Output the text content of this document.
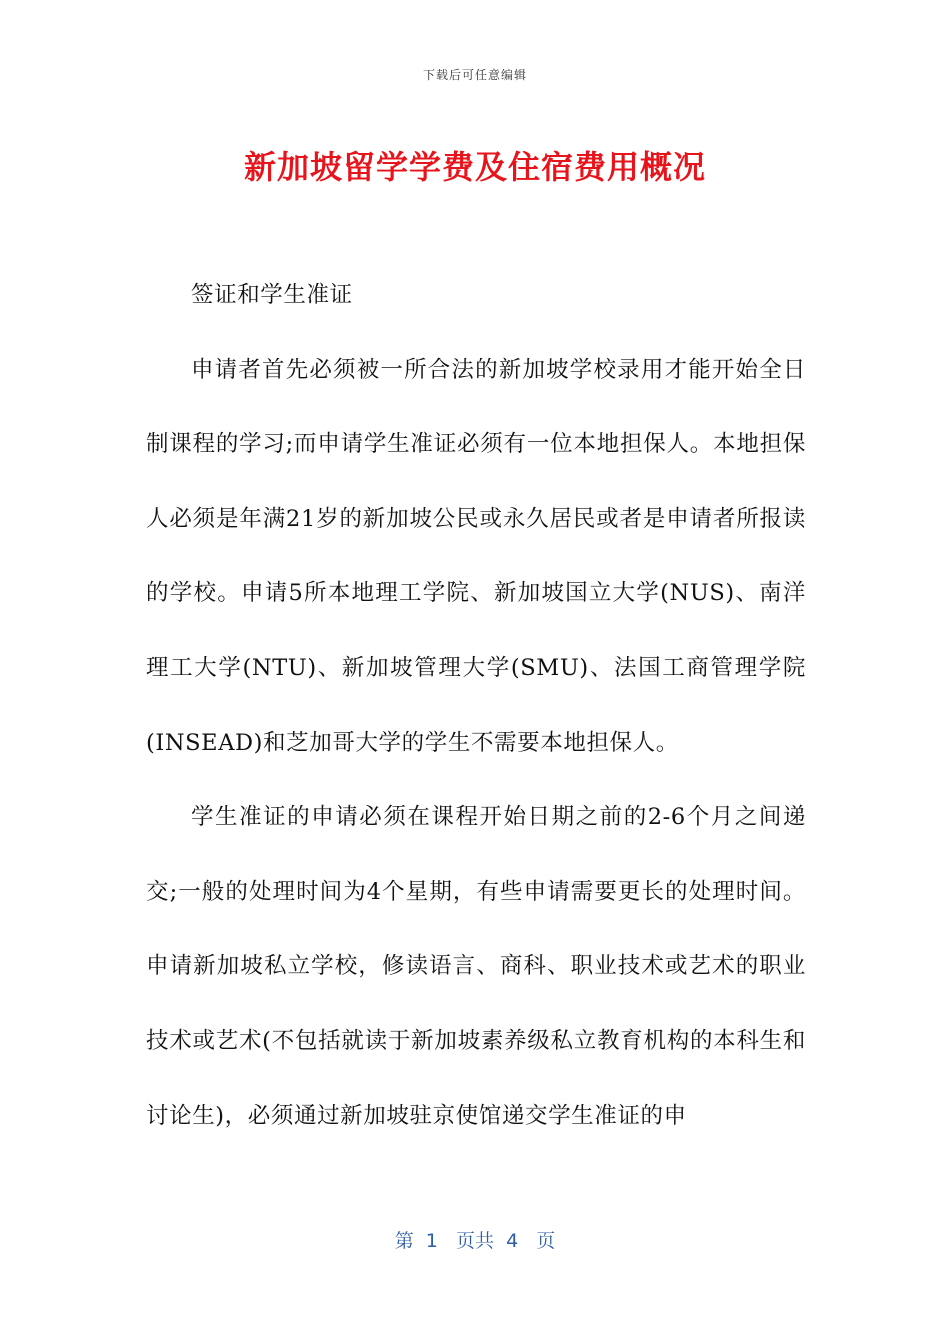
下载后可任意编辑
新加坡留学学费及住宿费用概况

签证和学生准证

申请者首先必须被一所合法的新加坡学校录用才能开始全日制课程的学习;而申请学生准证必须有一位本地担保人。本地担保人必须是年满21岁的新加坡公民或永久居民或者是申请者所报读的学校。申请5所本地理工学院、新加坡国立大学(NUS)、南洋理工大学(NTU)、新加坡管理大学(SMU)、法国工商管理学院(INSEAD)和芝加哥大学的学生不需要本地担保人。

学生准证的申请必须在课程开始日期之前的2-6个月之间递交;一般的处理时间为4个星期，有些申请需要更长的处理时间。申请新加坡私立学校，修读语言、商科、职业技术或艺术的职业技术或艺术(不包括就读于新加坡素养级私立教育机构的本科生和讨论生)，必须通过新加坡驻京使馆递交学生准证的申

第  1   页共  4   页
